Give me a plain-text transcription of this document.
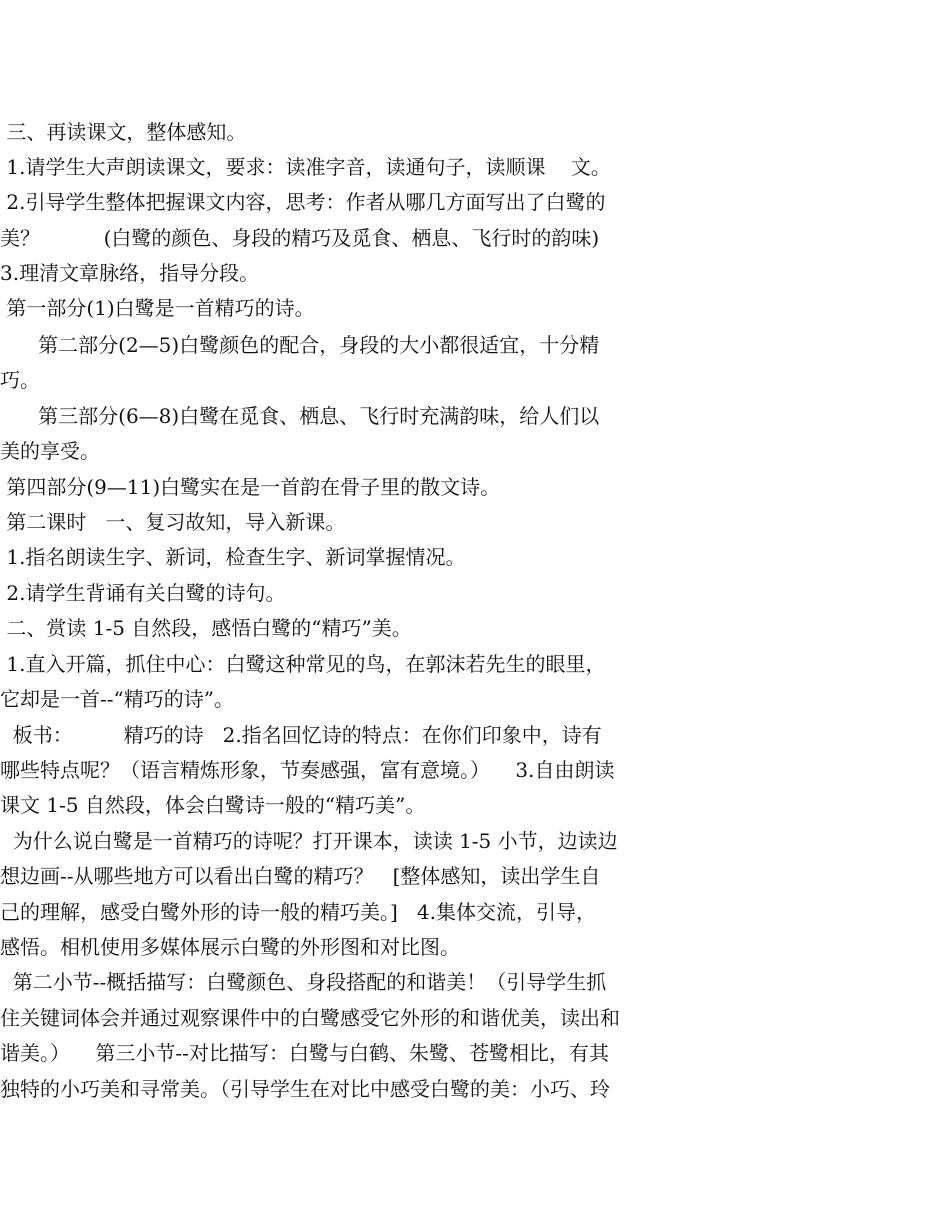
三、再读课文，整体感知。

1.请学生大声朗读课文，要求：读准字音，读通句子，读顺课    文。

2.引导学生整体把握课文内容，思考：作者从哪几方面写出了白鹭的

美？          (白鹭的颜色、身段的精巧及觅食、栖息、飞行时的韵味)

3.理清文章脉络，指导分段。

第一部分(1)白鹭是一首精巧的诗。

第二部分(2—5)白鹭颜色的配合，身段的大小都很适宜，十分精

巧。

第三部分(6—8)白鹭在觅食、栖息、飞行时充满韵味，给人们以

美的享受。

第四部分(9—11)白鹭实在是一首韵在骨子里的散文诗。

第二课时   一、复习故知，导入新课。

1.指名朗读生字、新词，检查生字、新词掌握情况。

2.请学生背诵有关白鹭的诗句。

二、赏读 1-5 自然段，感悟白鹭的“精巧”美。

1.直入开篇，抓住中心：白鹭这种常见的鸟，在郭沫若先生的眼里，

它却是一首--“精巧的诗”。

板书：        精巧的诗   2.指名回忆诗的特点：在你们印象中，诗有

哪些特点呢？（语言精炼形象，节奏感强，富有意境。）    3.自由朗读

课文 1-5 自然段，体会白鹭诗一般的“精巧美”。

为什么说白鹭是一首精巧的诗呢？打开课本，读读 1-5 小节，边读边

想边画--从哪些地方可以看出白鹭的精巧？   [整体感知，读出学生自

己的理解，感受白鹭外形的诗一般的精巧美。]   4.集体交流，引导，

感悟。相机使用多媒体展示白鹭的外形图和对比图。

第二小节--概括描写：白鹭颜色、身段搭配的和谐美！（引导学生抓

住关键词体会并通过观察课件中的白鹭感受它外形的和谐优美，读出和

谐美。）    第三小节--对比描写：白鹭与白鹤、朱鹭、苍鹭相比，有其

独特的小巧美和寻常美。（引导学生在对比中感受白鹭的美：小巧、玲
